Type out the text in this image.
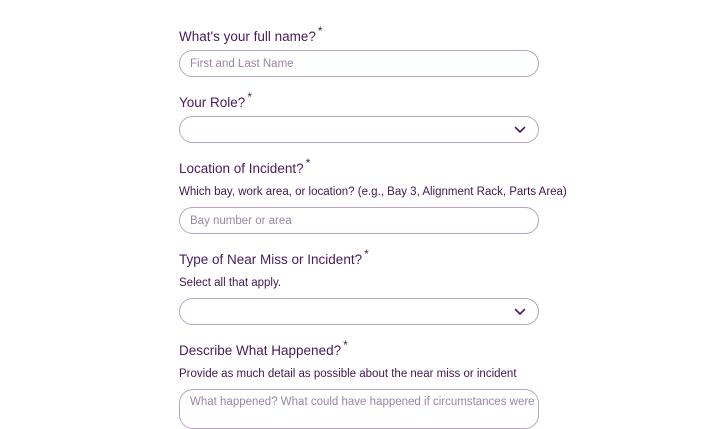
What's your full name? *
First and Last Name
Your Role? *
Location of Incident? *
Which bay, work area, or location? (e.g., Bay 3, Alignment Rack, Parts Area)
Bay number or area
Type of Near Miss or Incident? *
Select all that apply.
Describe What Happened? *
Provide as much detail as possible about the near miss or incident
What happened? What could have happened if circumstances were
